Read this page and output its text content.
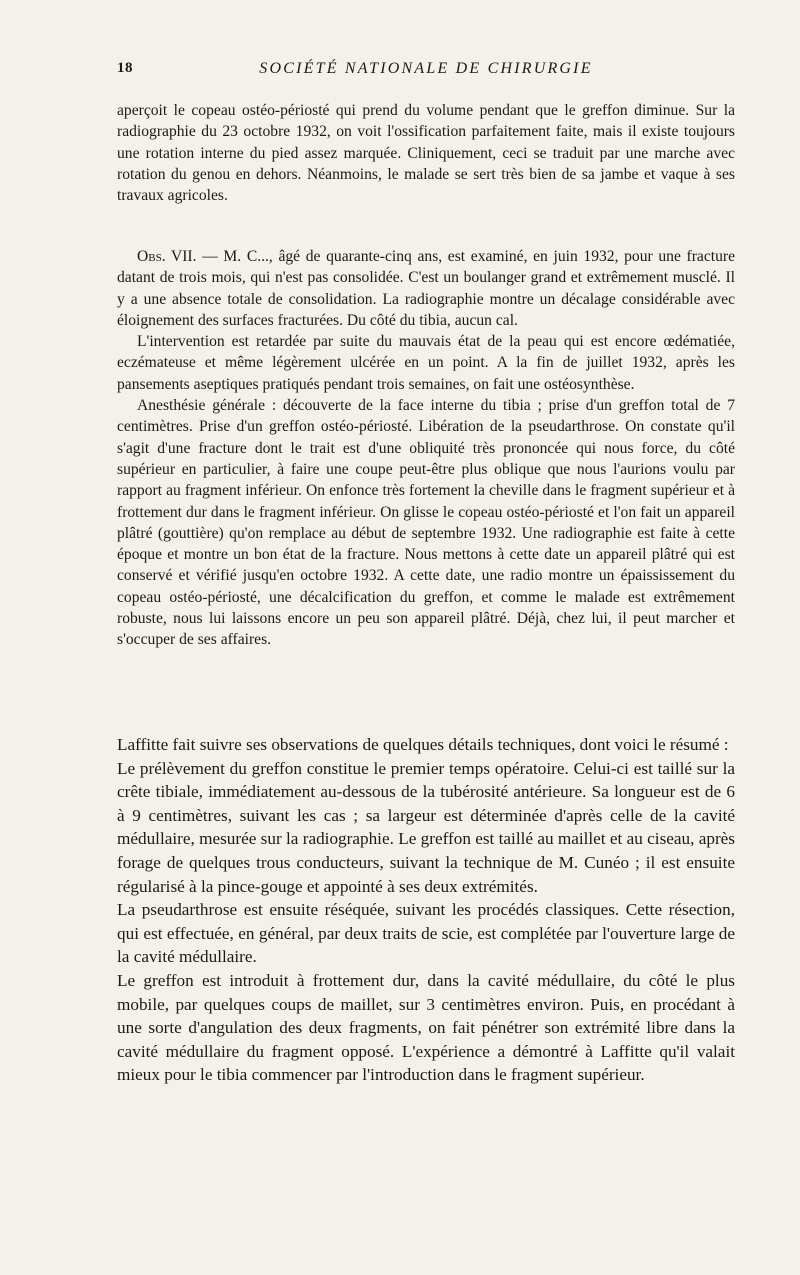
18	SOCIÉTÉ NATIONALE DE CHIRURGIE

aperçoit le copeau ostéo-périosté qui prend du volume pendant que le greffon diminue. Sur la radiographie du 23 octobre 1932, on voit l'ossification parfaitement faite, mais il existe toujours une rotation interne du pied assez marquée. Cliniquement, ceci se traduit par une marche avec rotation du genou en dehors. Néanmoins, le malade se sert très bien de sa jambe et vaque à ses travaux agricoles.

Obs. VII. — M. C..., âgé de quarante-cinq ans, est examiné, en juin 1932, pour une fracture datant de trois mois, qui n'est pas consolidée. C'est un boulanger grand et extrêmement musclé. Il y a une absence totale de consolidation. La radiographie montre un décalage considérable avec éloignement des surfaces fracturées. Du côté du tibia, aucun cal.

L'intervention est retardée par suite du mauvais état de la peau qui est encore œdématiée, eczémateuse et même légèrement ulcérée en un point. A la fin de juillet 1932, après les pansements aseptiques pratiqués pendant trois semaines, on fait une ostéosynthèse.

Anesthésie générale : découverte de la face interne du tibia ; prise d'un greffon total de 7 centimètres. Prise d'un greffon ostéo-périosté. Libération de la pseudarthrose. On constate qu'il s'agit d'une fracture dont le trait est d'une obliquité très prononcée qui nous force, du côté supérieur en particulier, à faire une coupe peut-être plus oblique que nous l'aurions voulu par rapport au fragment inférieur. On enfonce très fortement la cheville dans le fragment supérieur et à frottement dur dans le fragment inférieur. On glisse le copeau ostéo-périosté et l'on fait un appareil plâtré (gouttière) qu'on remplace au début de septembre 1932. Une radiographie est faite à cette époque et montre un bon état de la fracture. Nous mettons à cette date un appareil plâtré qui est conservé et vérifié jusqu'en octobre 1932. A cette date, une radio montre un épaississement du copeau ostéo-périosté, une décalcification du greffon, et comme le malade est extrêmement robuste, nous lui laissons encore un peu son appareil plâtré. Déjà, chez lui, il peut marcher et s'occuper de ses affaires.

Laffitte fait suivre ses observations de quelques détails techniques, dont voici le résumé :

Le prélèvement du greffon constitue le premier temps opératoire. Celui-ci est taillé sur la crête tibiale, immédiatement au-dessous de la tubérosité antérieure. Sa longueur est de 6 à 9 centimètres, suivant les cas ; sa largeur est déterminée d'après celle de la cavité médullaire, mesurée sur la radiographie. Le greffon est taillé au maillet et au ciseau, après forage de quelques trous conducteurs, suivant la technique de M. Cunéo ; il est ensuite régularisé à la pince-gouge et appointé à ses deux extrémités.

La pseudarthrose est ensuite réséquée, suivant les procédés classiques. Cette résection, qui est effectuée, en général, par deux traits de scie, est complétée par l'ouverture large de la cavité médullaire.

Le greffon est introduit à frottement dur, dans la cavité médullaire, du côté le plus mobile, par quelques coups de maillet, sur 3 centimètres environ. Puis, en procédant à une sorte d'angulation des deux fragments, on fait pénétrer son extrémité libre dans la cavité médullaire du fragment opposé. L'expérience a démontré à Laffitte qu'il valait mieux pour le tibia commencer par l'introduction dans le fragment supérieur.
